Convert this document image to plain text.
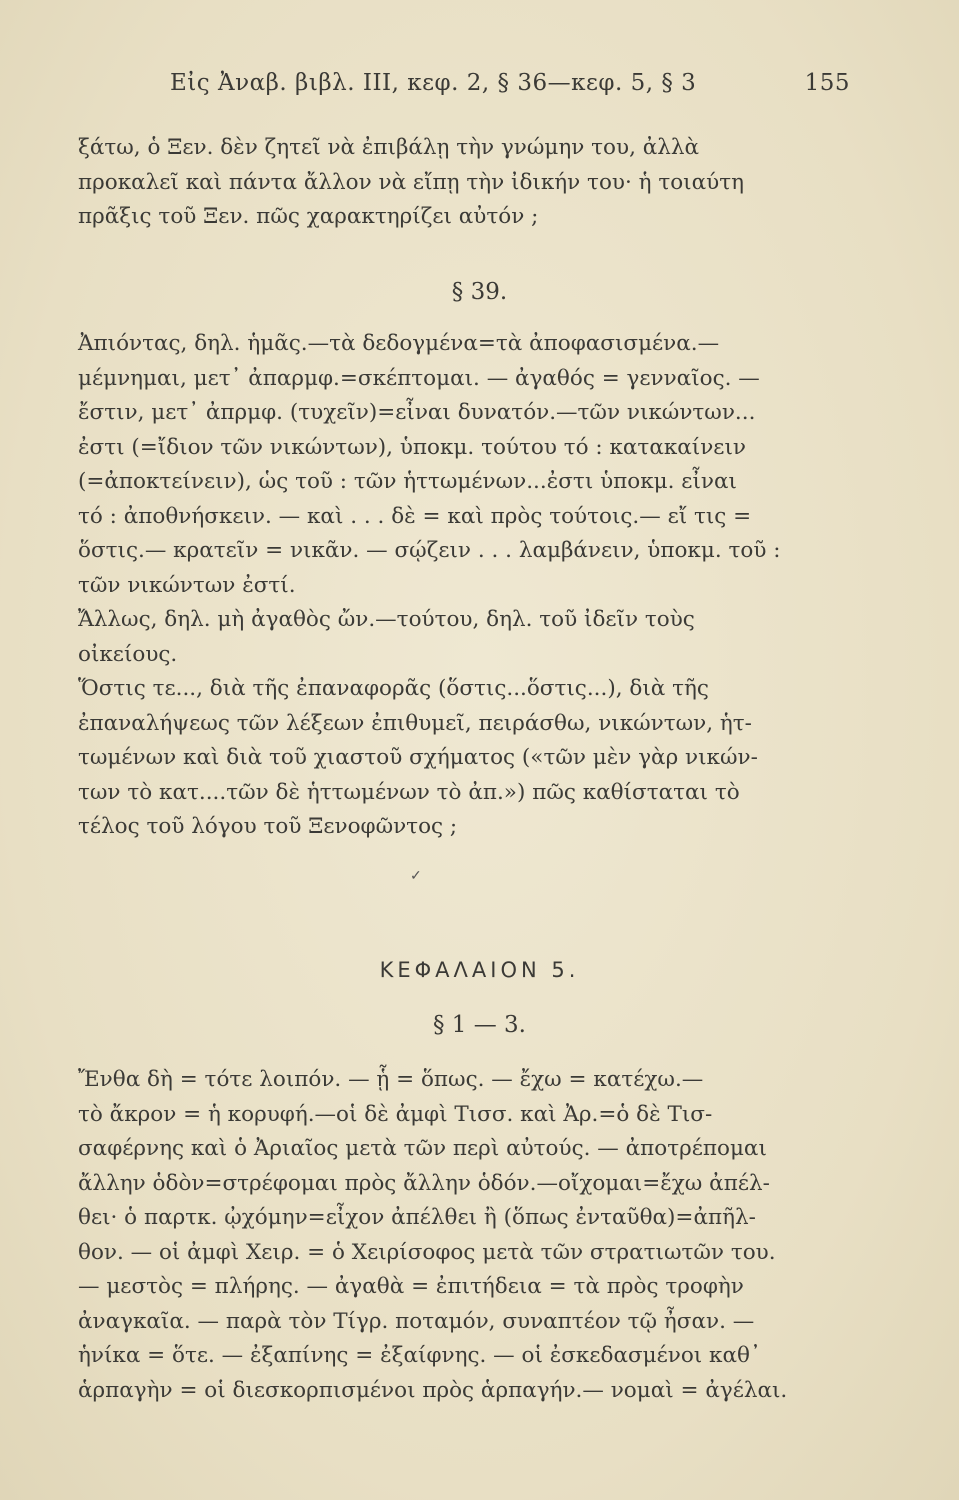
Εἰς Ἀναβ. βιβλ. III, κεφ. 2, § 36—κεφ. 5, § 3	155

ξάτω, ὁ Ξεν. δὲν ζητεῖ νὰ ἐπιβάλῃ τὴν γνώμην του, ἀλλὰ

προκαλεῖ καὶ πάντα ἄλλον νὰ εἴπῃ τὴν ἰδικήν του· ἡ τοιαύτη

πρᾶξις τοῦ Ξεν. πῶς χαρακτηρίζει αὐτόν ;

§ 39.

Ἀπιόντας, δηλ. ἡμᾶς.—τὰ δεδογμένα=τὰ ἀποφασισμένα.—

μέμνημαι, μετ᾽ ἀπαρμφ.=σκέπτομαι. — ἀγαθός = γενναῖος. —

ἔστιν, μετ᾽ ἀπρμφ. (τυχεῖν)=εἶναι δυνατόν.—τῶν νικώντων...

ἐστι (=ἴδιον τῶν νικώντων), ὑποκμ. τούτου τό : κατακαίνειν

(=ἀποκτείνειν), ὡς τοῦ : τῶν ἡττωμένων...ἐστι ὑποκμ. εἶναι

τό : ἀποθνήσκειν. — καὶ . . . δὲ = καὶ πρὸς τούτοις.— εἴ τις =

ὅστις.— κρατεῖν = νικᾶν. — σῴζειν . . . λαμβάνειν, ὑποκμ. τοῦ :

τῶν νικώντων ἐστί.

Ἄλλως, δηλ. μὴ ἀγαθὸς ὤν.—τούτου, δηλ. τοῦ ἰδεῖν τοὺς

οἰκείους.

Ὅστις τε..., διὰ τῆς ἐπαναφορᾶς (ὅστις...ὅστις...), διὰ τῆς

ἐπαναλήψεως τῶν λέξεων ἐπιθυμεῖ, πειράσθω, νικώντων, ἡτ-

τωμένων καὶ διὰ τοῦ χιαστοῦ σχήματος («τῶν μὲν γὰρ νικών-

των τὸ κατ....τῶν δὲ ἡττωμένων τὸ ἀπ.») πῶς καθίσταται τὸ

τέλος τοῦ λόγου τοῦ Ξενοφῶντος ;

✓
ΚΕΦΑΛΑΙΟΝ 5.
§ 1 — 3.

Ἔνθα δὴ = τότε λοιπόν. — ᾗ = ὅπως. — ἔχω = κατέχω.—

τὸ ἄκρον = ἡ κορυφή.—οἱ δὲ ἀμφὶ Τισσ. καὶ Ἀρ.=ὁ δὲ Τισ-

σαφέρνης καὶ ὁ Ἀριαῖος μετὰ τῶν περὶ αὐτούς. — ἀποτρέπομαι

ἄλλην ὁδὸν=στρέφομαι πρὸς ἄλλην ὁδόν.—οἴχομαι=ἔχω ἀπέλ-

θει· ὁ παρτκ. ᾠχόμην=εἶχον ἀπέλθει ἢ (ὅπως ἐνταῦθα)=ἀπῆλ-

θον. — οἱ ἀμφὶ Χειρ. = ὁ Χειρίσοφος μετὰ τῶν στρατιωτῶν του.

— μεστὸς = πλήρης. — ἀγαθὰ = ἐπιτήδεια = τὰ πρὸς τροφὴν

ἀναγκαῖα. — παρὰ τὸν Τίγρ. ποταμόν, συναπτέον τῷ ἦσαν. —

ἡνίκα = ὅτε. — ἐξαπίνης = ἐξαίφνης. — οἱ ἐσκεδασμένοι καθ᾽

ἁρπαγὴν = οἱ διεσκορπισμένοι πρὸς ἁρπαγήν.— νομαὶ = ἀγέλαι.
